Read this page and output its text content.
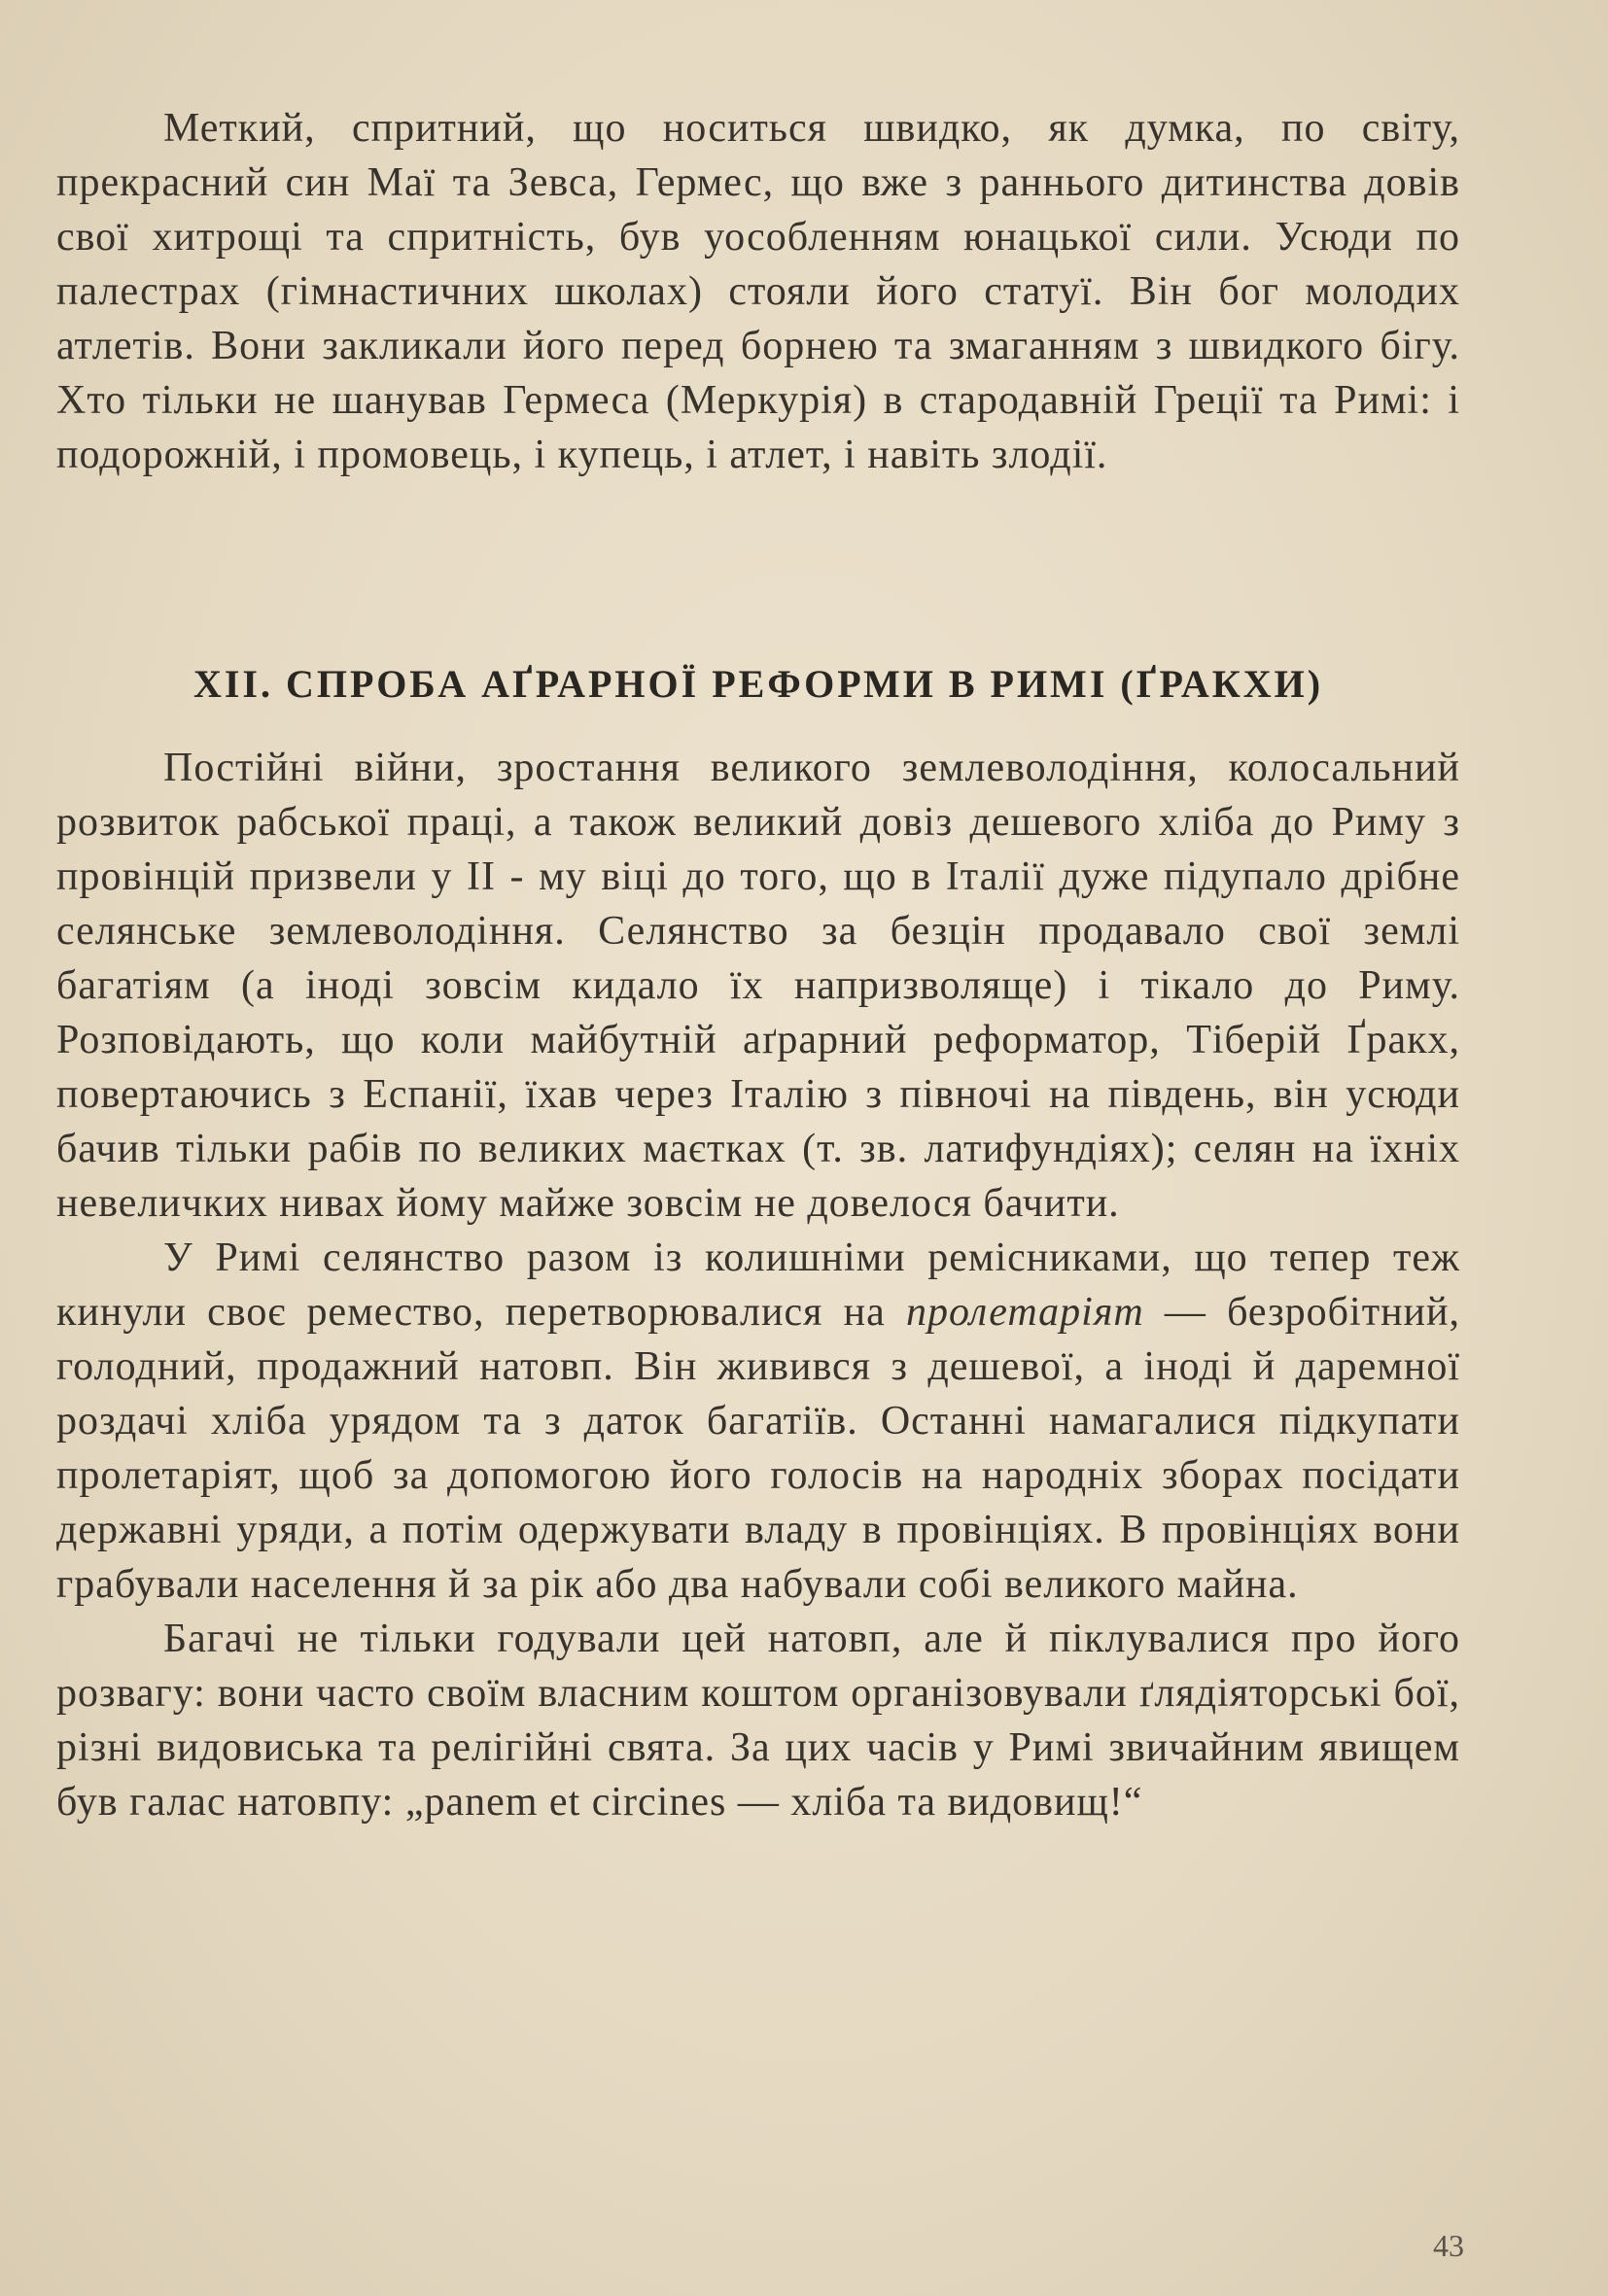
Меткий, спритний, що носиться швидко, як думка, по світу, прекрасний син Маї та Зевса, Гермес, що вже з раннього дитинства довів свої хитрощі та спритність, був уособленням юнацької сили. Усюди по палестрах (гімнастичних школах) стояли його статуї. Він бог молодих атлетів. Вони закликали його перед борнею та змаганням з швидкого бігу. Хто тільки не шанував Гермеса (Меркурія) в стародавній Греції та Римі: і подорожній, і промовець, і купець, і атлет, і навіть злодії.

XII. СПРОБА АҐРАРНОЇ РЕФОРМИ В РИМІ (ҐРАКХИ)

Постійні війни, зростання великого землеволодіння, колосальний розвиток рабської праці, а також великий довіз дешевого хліба до Риму з провінцій призвели у II - му віці до того, що в Італії дуже підупало дрібне селянське землеволодіння. Селянство за безцін продавало свої землі багатіям (а іноді зовсім кидало їх напризволяще) і тікало до Риму. Розповідають, що коли майбутній аґрарний реформатор, Тіберій Ґракх, повертаючись з Еспанії, їхав через Італію з півночі на південь, він усюди бачив тільки рабів по великих маєтках (т. зв. латифундіях); селян на їхніх невеличких нивах йому майже зовсім не довелося бачити.

У Римі селянство разом із колишніми ремісниками, що тепер теж кинули своє ремество, перетворювалися на пролетаріят — безробітний, голодний, продажний натовп. Він живився з дешевої, а іноді й даремної роздачі хліба урядом та з даток багатіїв. Останні намагалися підкупати пролетаріят, щоб за допомогою його голосів на народніх зборах посідати державні уряди, а потім одержувати владу в провінціях. В провінціях вони грабували населення й за рік або два набували собі великого майна.

Багачі не тільки годували цей натовп, але й піклувалися про його розвагу: вони часто своїм власним коштом організовували ґлядіяторські бої, різні видовиська та релігійні свята. За цих часів у Римі звичайним явищем був галас натовпу: „panem et circines — хліба та видовищ!“

43
